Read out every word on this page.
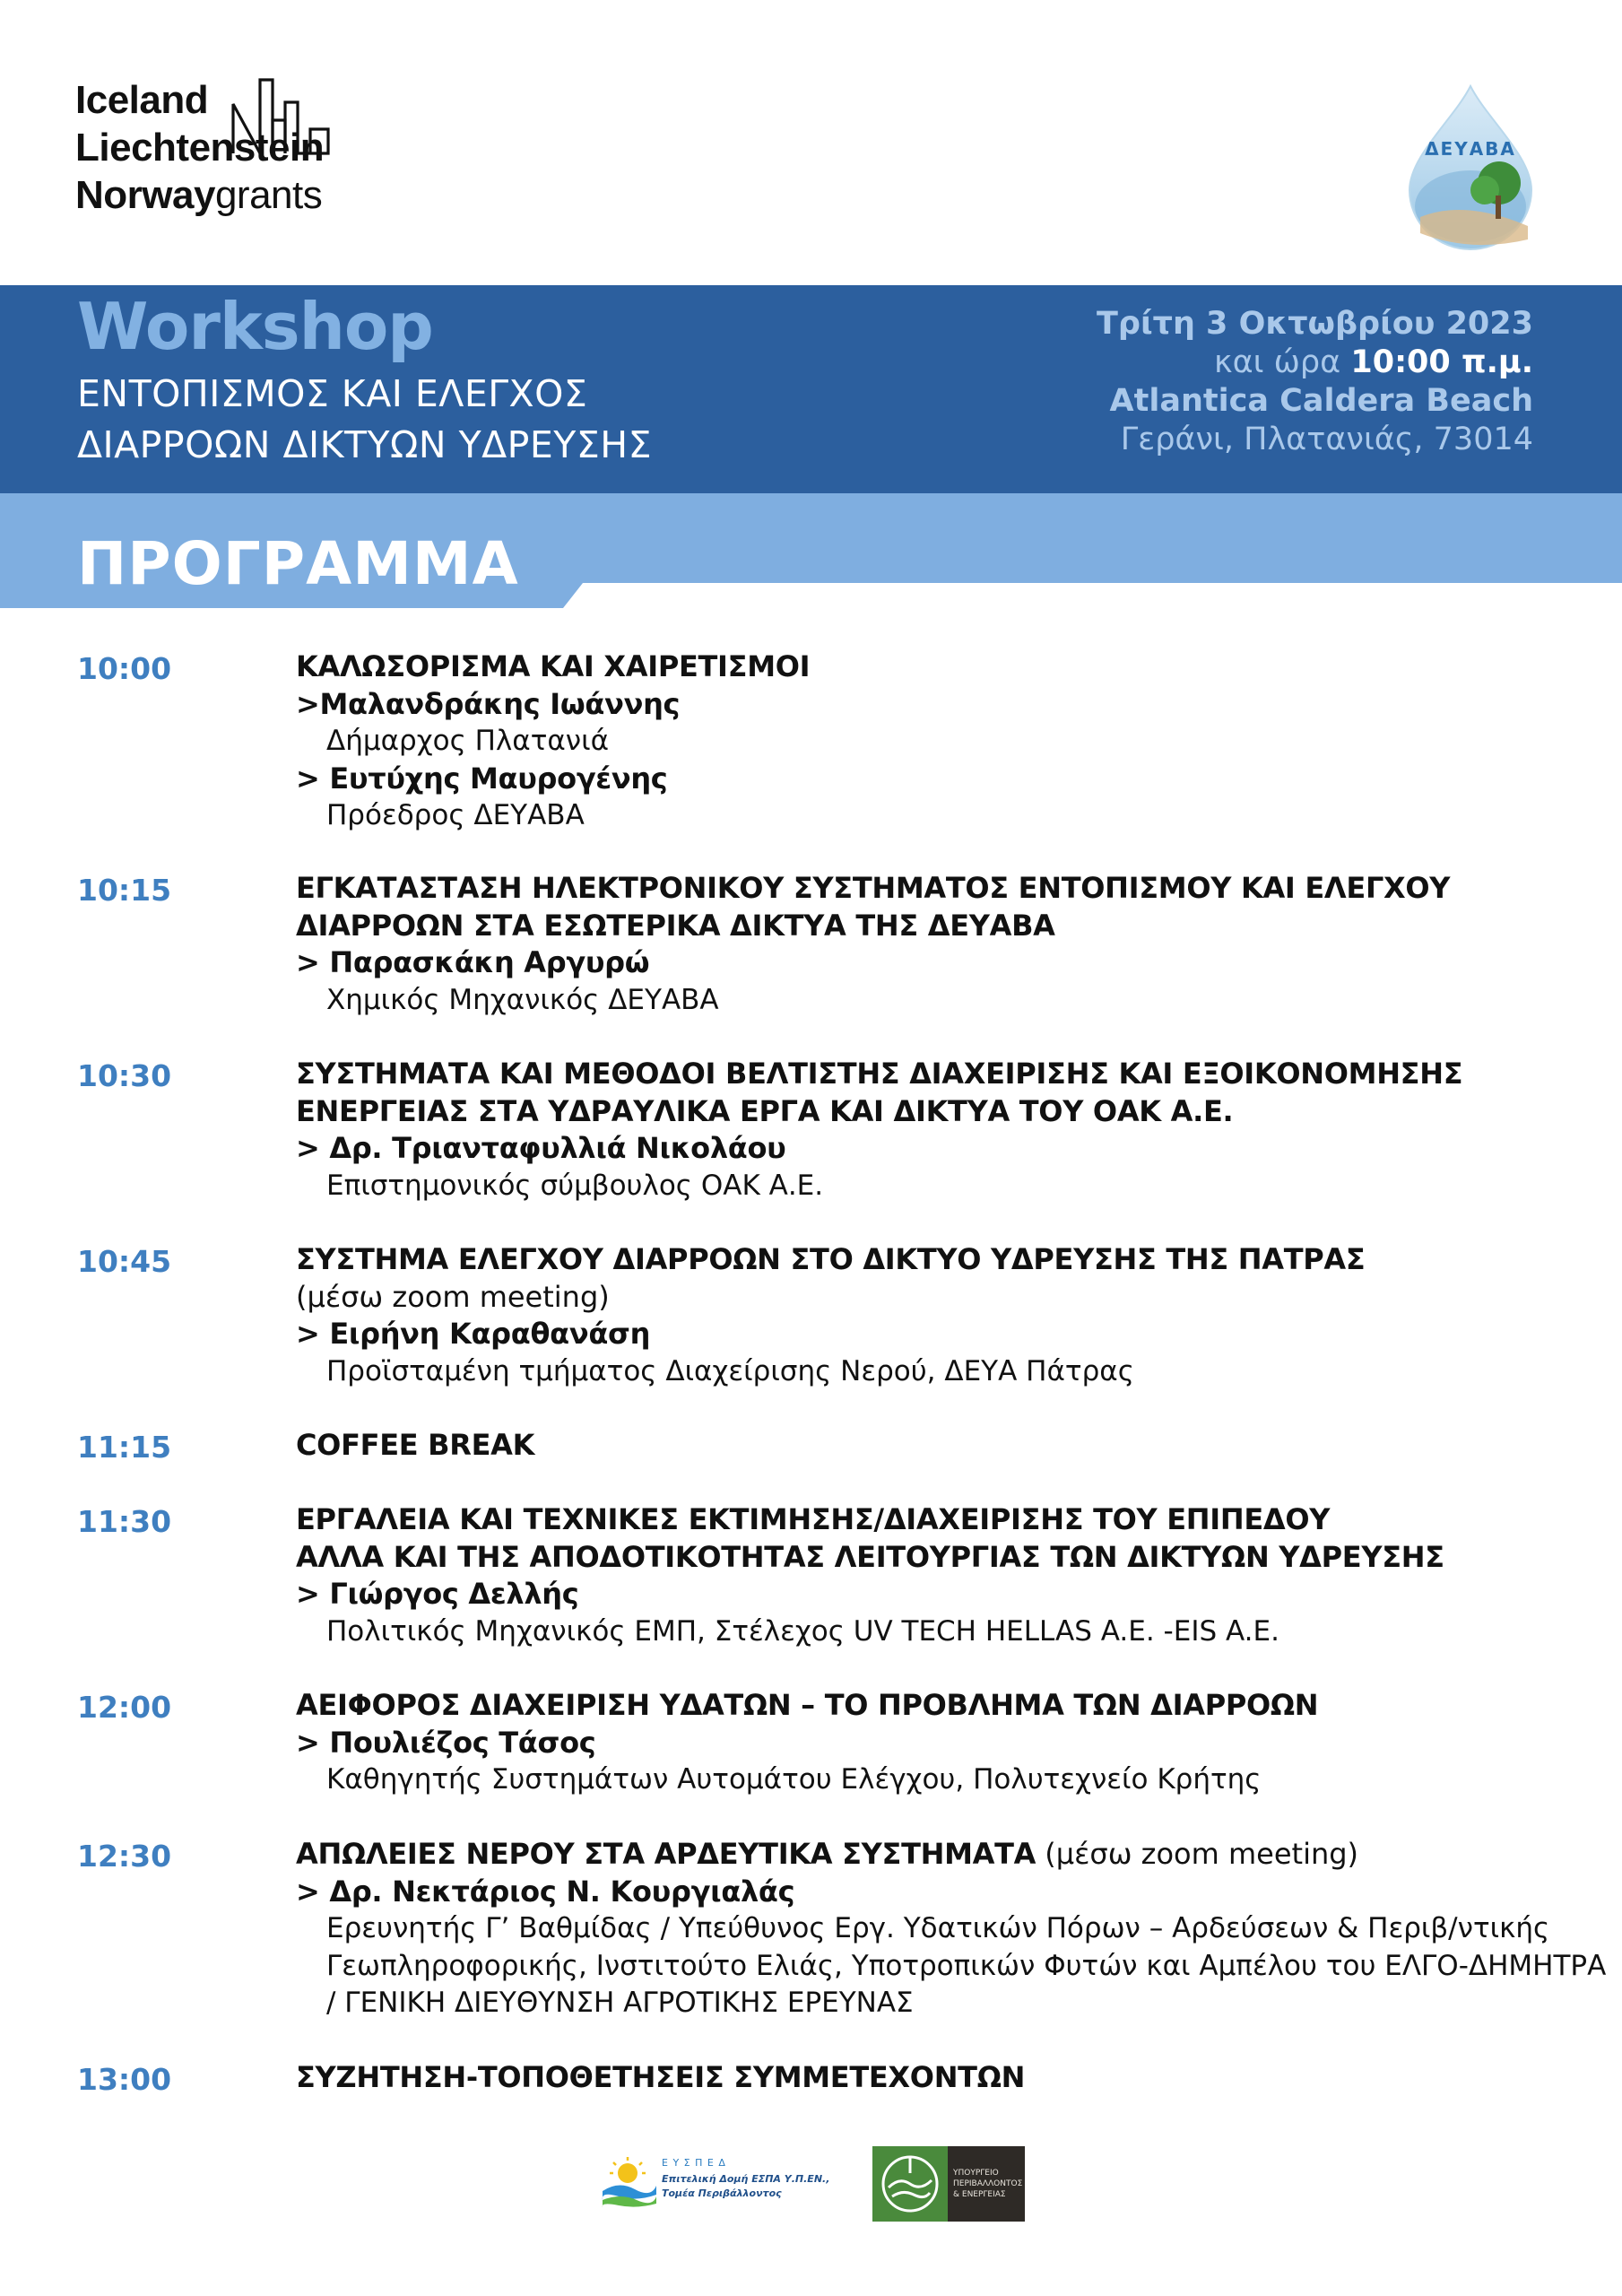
Iceland
Liechtenstein
Norwaygrants
ΔΕΥΑΒΑ
Workshop
ΕΝΤΟΠΙΣΜΟΣ ΚΑΙ ΕΛΕΓΧΟΣ
ΔΙΑΡΡΟΩΝ ΔΙΚΤΥΩΝ ΥΔΡΕΥΣΗΣ
Τρίτη 3 Οκτωβρίου 2023
και ώρα 10:00 π.μ.
Atlantica Caldera Beach
Γεράνι, Πλατανιάς, 73014
ΠΡΟΓΡΑΜΜΑ
10:00	ΚΑΛΩΣΟΡΙΣΜΑ ΚΑΙ ΧΑΙΡΕΤΙΣΜΟΙ
>Μαλανδράκης Ιωάννης
Δήμαρχος Πλατανιά
> Ευτύχης Μαυρογένης
Πρόεδρος ΔΕΥΑΒΑ
10:15	ΕΓΚΑΤΑΣΤΑΣΗ ΗΛΕΚΤΡΟΝΙΚΟΥ ΣΥΣΤΗΜΑΤΟΣ ΕΝΤΟΠΙΣΜΟΥ ΚΑΙ ΕΛΕΓΧΟΥ
ΔΙΑΡΡΟΩΝ ΣΤΑ ΕΣΩΤΕΡΙΚΑ ΔΙΚΤΥΑ ΤΗΣ ΔΕΥΑΒΑ
> Παρασκάκη Αργυρώ
Χημικός Μηχανικός ΔΕΥΑΒΑ
10:30	ΣΥΣΤΗΜΑΤΑ ΚΑΙ ΜΕΘΟΔΟΙ ΒΕΛΤΙΣΤΗΣ ΔΙΑΧΕΙΡΙΣΗΣ ΚΑΙ ΕΞΟΙΚΟΝΟΜΗΣΗΣ
ΕΝΕΡΓΕΙΑΣ ΣΤΑ ΥΔΡΑΥΛΙΚΑ ΕΡΓΑ ΚΑΙ ΔΙΚΤΥΑ ΤΟΥ ΟΑΚ Α.Ε.
> Δρ. Τριανταφυλλιά Νικολάου
Επιστημονικός σύμβουλος ΟΑΚ Α.Ε.
10:45	ΣΥΣΤΗΜΑ ΕΛΕΓΧΟΥ ΔΙΑΡΡΟΩΝ ΣΤΟ ΔΙΚΤΥΟ ΥΔΡΕΥΣΗΣ ΤΗΣ ΠΑΤΡΑΣ
(μέσω zoom meeting)
> Ειρήνη Καραθανάση
Προϊσταμένη τμήματος Διαχείρισης Νερού, ΔΕΥΑ Πάτρας
11:15	COFFEE BREAK
11:30	ΕΡΓΑΛΕΙΑ ΚΑΙ ΤΕΧΝΙΚΕΣ ΕΚΤΙΜΗΣΗΣ/ΔΙΑΧΕΙΡΙΣΗΣ ΤΟΥ ΕΠΙΠΕΔΟΥ
ΑΛΛΑ ΚΑΙ ΤΗΣ ΑΠΟΔΟΤΙΚΟΤΗΤΑΣ ΛΕΙΤΟΥΡΓΙΑΣ ΤΩΝ ΔΙΚΤΥΩΝ ΥΔΡΕΥΣΗΣ
> Γιώργος Δελλής
Πολιτικός Μηχανικός ΕΜΠ, Στέλεχος UV TECH HELLAS A.E. -EIS A.E.
12:00	ΑΕΙΦΟΡΟΣ ΔΙΑΧΕΙΡΙΣΗ ΥΔΑΤΩΝ – ΤΟ ΠΡΟΒΛΗΜΑ ΤΩΝ ΔΙΑΡΡΟΩΝ
> Πουλιέζος Τάσος
Καθηγητής Συστημάτων Αυτομάτου Ελέγχου, Πολυτεχνείο Κρήτης
12:30	ΑΠΩΛΕΙΕΣ ΝΕΡΟΥ ΣΤΑ ΑΡΔΕΥΤΙΚΑ ΣΥΣΤΗΜΑΤΑ (μέσω zoom meeting)
> Δρ. Νεκτάριος Ν. Κουργιαλάς
Ερευνητής Γ’ Βαθμίδας / Υπεύθυνος Εργ. Υδατικών Πόρων – Αρδεύσεων & Περιβ/ντικής
Γεωπληροφορικής, Ινστιτούτο Ελιάς, Υποτροπικών Φυτών και Αμπέλου του ΕΛΓΟ-ΔΗΜΗΤΡΑ
/ ΓΕΝΙΚΗ ΔΙΕΥΘΥΝΣΗ ΑΓΡΟΤΙΚΗΣ ΕΡΕΥΝΑΣ
13:00	ΣΥΖΗΤΗΣΗ-ΤΟΠΟΘΕΤΗΣΕΙΣ ΣΥΜΜΕΤΕΧΟΝΤΩΝ
Ε Υ Σ Π Ε Δ
Επιτελική Δομή ΕΣΠΑ Υ.Π.ΕΝ.,
Τομέα Περιβάλλοντος
ΥΠΟΥΡΓΕΙΟ
ΠΕΡΙΒΑΛΛΟΝΤΟΣ
& ΕΝΕΡΓΕΙΑΣ
